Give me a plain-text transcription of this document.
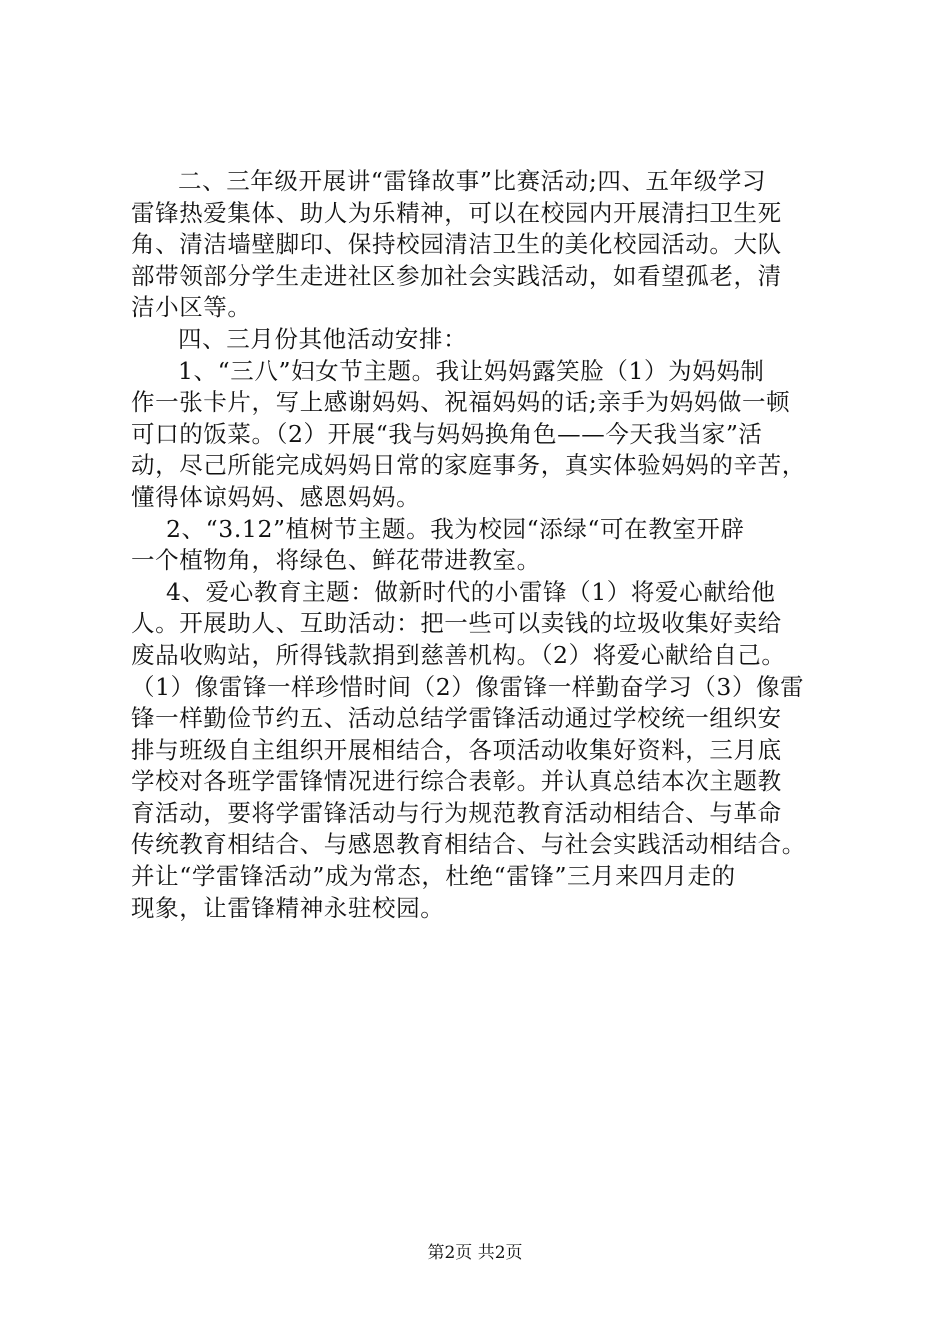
二、三年级开展讲“雷锋故事”比赛活动;四、五年级学习
雷锋热爱集体、助人为乐精神，可以在校园内开展清扫卫生死
角、清洁墙壁脚印、保持校园清洁卫生的美化校园活动。大队
部带领部分学生走进社区参加社会实践活动，如看望孤老，清
洁小区等。

四、三月份其他活动安排：

1、“三八”妇女节主题。我让妈妈露笑脸（1）为妈妈制
作一张卡片，写上感谢妈妈、祝福妈妈的话;亲手为妈妈做一顿
可口的饭菜。（2）开展“我与妈妈换角色——今天我当家”活
动，尽己所能完成妈妈日常的家庭事务，真实体验妈妈的辛苦，
懂得体谅妈妈、感恩妈妈。

2、“3.12”植树节主题。我为校园“添绿“可在教室开辟
一个植物角，将绿色、鲜花带进教室。

4、爱心教育主题：做新时代的小雷锋（1）将爱心献给他
人。开展助人、互助活动：把一些可以卖钱的垃圾收集好卖给
废品收购站，所得钱款捐到慈善机构。（2）将爱心献给自己。
（1）像雷锋一样珍惜时间（2）像雷锋一样勤奋学习（3）像雷
锋一样勤俭节约五、活动总结学雷锋活动通过学校统一组织安
排与班级自主组织开展相结合，各项活动收集好资料，三月底
学校对各班学雷锋情况进行综合表彰。并认真总结本次主题教
育活动，要将学雷锋活动与行为规范教育活动相结合、与革命
传统教育相结合、与感恩教育相结合、与社会实践活动相结合。
并让“学雷锋活动”成为常态，杜绝“雷锋”三月来四月走的
现象，让雷锋精神永驻校园。

第2页 共2页
